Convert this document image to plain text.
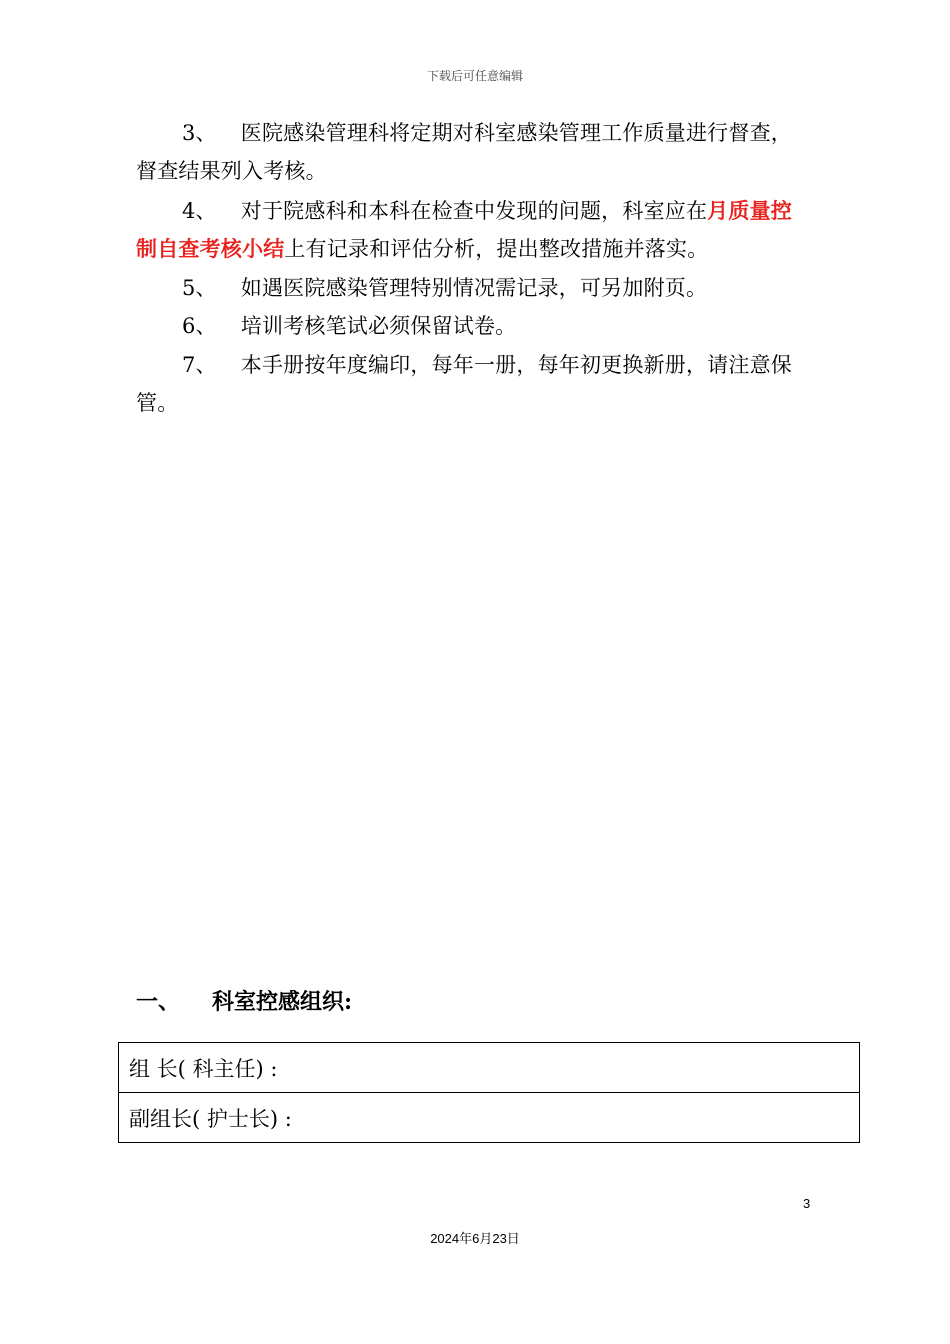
下载后可任意编辑

3、 医院感染管理科将定期对科室感染管理工作质量进行督查，督查结果列入考核。

4、 对于院感科和本科在检查中发现的问题，科室应在月质量控制自查考核小结上有记录和评估分析，提出整改措施并落实。

5、 如遇医院感染管理特别情况需记录，可另加附页。

6、 培训考核笔试必须保留试卷。

7、 本手册按年度编印，每年一册，每年初更换新册，请注意保管。

一、 科室控感组织:
组 长( 科主任) :
副组长( 护士长) :
3
2024年6月23日
